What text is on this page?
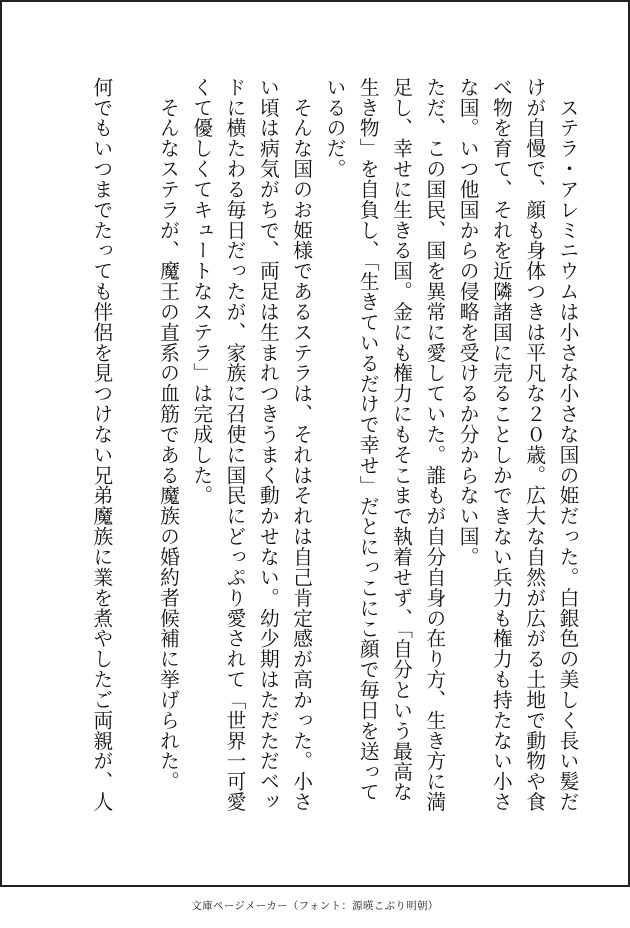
　ステラ・アレミニウムは小さな小さな国の姫だった。白銀色の美しく長い髪だ
けが自慢で、顔も身体つきは平凡な２０歳。広大な自然が広がる土地で動物や食
べ物を育て、それを近隣諸国に売ることしかできない兵力も権力も持たない小さ
な国。いつ他国からの侵略を受けるか分からない国。
ただ、この国民、国を異常に愛していた。誰もが自分自身の在り方、生き方に満
足し、幸せに生きる国。金にも権力にもそこまで執着せず、「自分という最高な
生き物」を自負し、「生きているだけで幸せ」だとにっこにこ顔で毎日を送って
いるのだ。
　そんな国のお姫様であるステラは、それはそれは自己肯定感が高かった。小さ
い頃は病気がちで、両足は生まれつきうまく動かせない。幼少期はただただベッ
ドに横たわる毎日だったが、家族に召使に国民にどっぷり愛されて「世界一可愛
くて優しくてキュートなステラ」は完成した。
　そんなステラが、魔王の直系の血筋である魔族の婚約者候補に挙げられた。

何でもいつまでたっても伴侶を見つけない兄弟魔族に業を煮やしたご両親が、人
文庫ページメーカー（フォント：源暎こぶり明朝）
